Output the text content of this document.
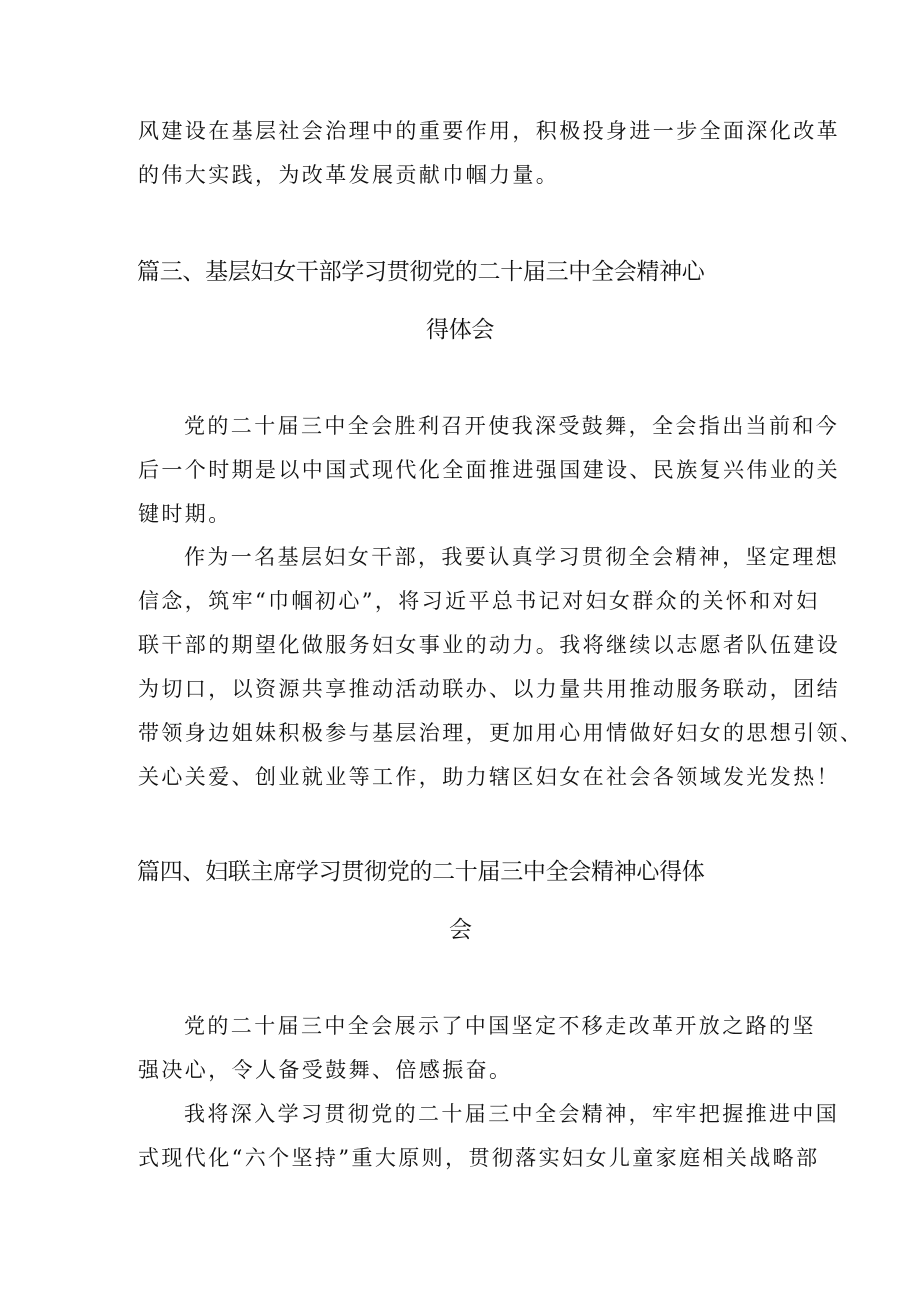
风建设在基层社会治理中的重要作用，积极投身进一步全面深化改革
的伟大实践，为改革发展贡献巾帼力量。
篇三、基层妇女干部学习贯彻党的二十届三中全会精神心
得体会
党的二十届三中全会胜利召开使我深受鼓舞，全会指出当前和今
后一个时期是以中国式现代化全面推进强国建设、民族复兴伟业的关
键时期。
作为一名基层妇女干部，我要认真学习贯彻全会精神，坚定理想
信念，筑牢“巾帼初心”，将习近平总书记对妇女群众的关怀和对妇
联干部的期望化做服务妇女事业的动力。我将继续以志愿者队伍建设
为切口，以资源共享推动活动联办、以力量共用推动服务联动，团结
带领身边姐妹积极参与基层治理，更加用心用情做好妇女的思想引领、
关心关爱、创业就业等工作，助力辖区妇女在社会各领域发光发热！
篇四、妇联主席学习贯彻党的二十届三中全会精神心得体
会
党的二十届三中全会展示了中国坚定不移走改革开放之路的坚
强决心，令人备受鼓舞、倍感振奋。
我将深入学习贯彻党的二十届三中全会精神，牢牢把握推进中国
式现代化“六个坚持”重大原则，贯彻落实妇女儿童家庭相关战略部
